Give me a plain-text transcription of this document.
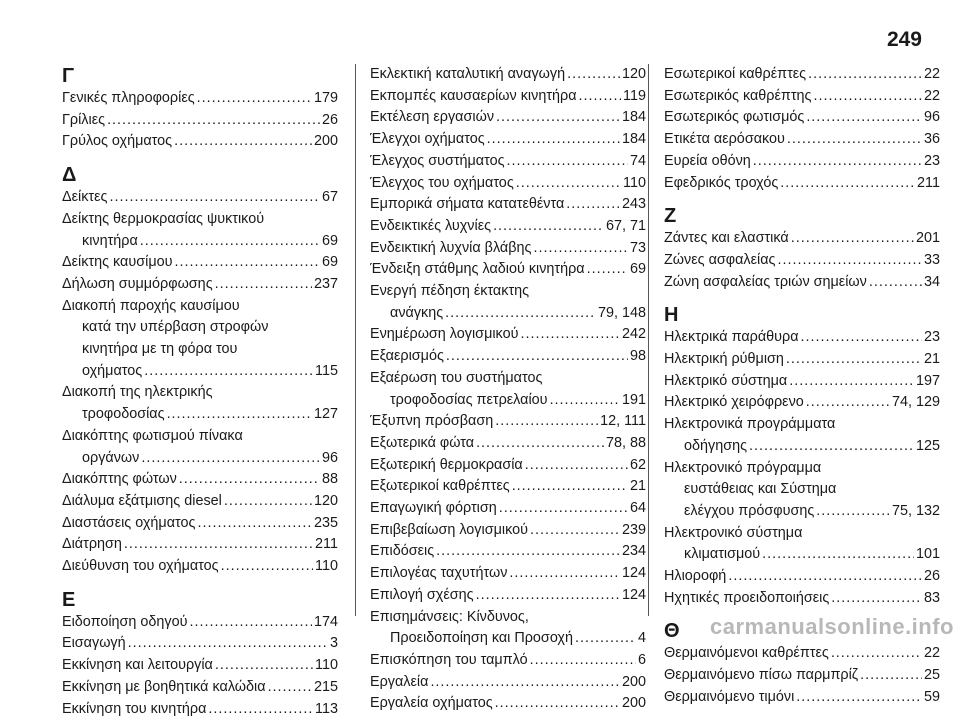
249
Γ
Γενικές πληροφορίες .....	179
Γρίλιες .....	26
Γρύλος οχήματος .....	200
Δ
Δείκτες .....	67
Δείκτης θερμοκρασίας ψυκτικού
κινητήρα .....	69
Δείκτης καυσίμου .....	69
Δήλωση συμμόρφωσης .....	237
Διακοπή παροχής καυσίμου
κατά την υπέρβαση στροφών
κινητήρα με τη φόρα του
οχήματος .....	115
Διακοπή της ηλεκτρικής
τροφοδοσίας .....	127
Διακόπτης φωτισμού πίνακα
οργάνων .....	96
Διακόπτης φώτων .....	88
Διάλυμα εξάτμισης diesel .....	120
Διαστάσεις οχήματος .....	235
Διάτρηση .....	211
Διεύθυνση του οχήματος .....	110
Ε
Ειδοποίηση οδηγού .....	174
Εισαγωγή .....	3
Εκκίνηση και λειτουργία .....	110
Εκκίνηση με βοηθητικά καλώδια .....	215
Εκκίνηση του κινητήρα .....	113
Εκλεκτική καταλυτική αναγωγή .....	120
Εκπομπές καυσαερίων κινητήρα .....	119
Εκτέλεση εργασιών .....	184
Έλεγχοι οχήματος .....	184
Έλεγχος συστήματος .....	74
Έλεγχος του οχήματος .....	110
Εμπορικά σήματα κατατεθέντα .....	243
Ενδεικτικές λυχνίες .....	67, 71
Ενδεικτική λυχνία βλάβης .....	73
Ένδειξη στάθμης λαδιού κινητήρα .....	69
Ενεργή πέδηση έκτακτης
ανάγκης .....	79, 148
Ενημέρωση λογισμικού .....	242
Εξαερισμός .....	98
Εξαέρωση του συστήματος
τροφοδοσίας πετρελαίου .....	191
Έξυπνη πρόσβαση .....	12, 111
Εξωτερικά φώτα .....	78, 88
Εξωτερική θερμοκρασία .....	62
Εξωτερικοί καθρέπτες .....	21
Επαγωγική φόρτιση .....	64
Επιβεβαίωση λογισμικού .....	239
Επιδόσεις .....	234
Επιλογέας ταχυτήτων .....	124
Επιλογή σχέσης .....	124
Επισημάνσεις: Κίνδυνος,
Προειδοποίηση και Προσοχή .....	4
Επισκόπηση του ταμπλό .....	6
Εργαλεία .....	200
Εργαλεία οχήματος .....	200
Εσωτερικοί καθρέπτες .....	22
Εσωτερικός καθρέπτης .....	22
Εσωτερικός φωτισμός .....	96
Ετικέτα αερόσακου .....	36
Ευρεία οθόνη .....	23
Εφεδρικός τροχός .....	211
Ζ
Ζάντες και ελαστικά .....	201
Ζώνες ασφαλείας .....	33
Ζώνη ασφαλείας τριών σημείων .....	34
Η
Ηλεκτρικά παράθυρα .....	23
Ηλεκτρική ρύθμιση .....	21
Ηλεκτρικό σύστημα .....	197
Ηλεκτρικό χειρόφρενο .....	74, 129
Ηλεκτρονικά προγράμματα
οδήγησης .....	125
Ηλεκτρονικό πρόγραμμα
ευστάθειας και Σύστημα
ελέγχου πρόσφυσης .....	75, 132
Ηλεκτρονικό σύστημα
κλιματισμού .....	101
Ηλιοροφή .....	26
Ηχητικές προειδοποιήσεις .....	83
Θ
Θερμαινόμενοι καθρέπτες .....	22
Θερμαινόμενο πίσω παρμπρίζ .....	25
Θερμαινόμενο τιμόνι .....	59
carmanualsonline.info
